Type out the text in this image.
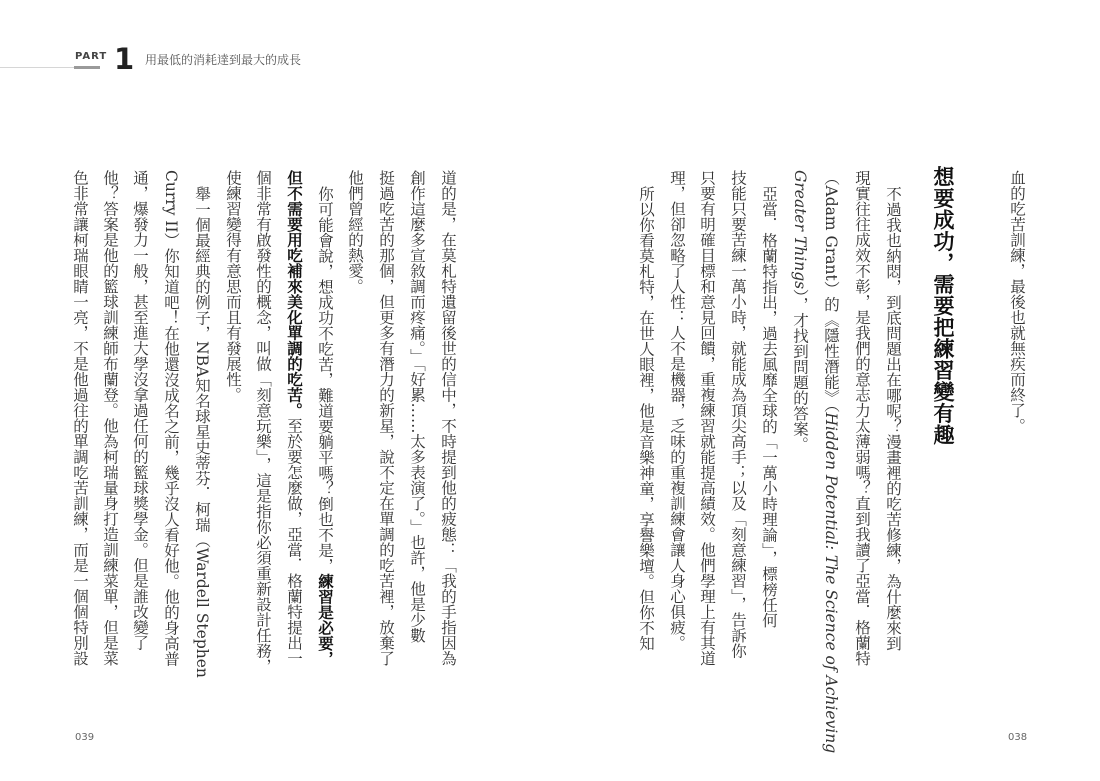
PART 1 用最低的消耗達到最大的成長
想要成功，需要把練習變有趣	血的吃苦訓練，最後也就無疾而終了。
不過我也納悶，到底問題出在哪呢？漫畫裡的吃苦修練，為什麼來到
現實往往成效不彰，是我們的意志力太薄弱嗎？直到我讀了亞當．格蘭特
（Adam Grant）的《隱性潛能》（Hidden Potential: The Science of Achieving
Greater Things），才找到問題的答案。
亞當．格蘭特指出，過去風靡全球的「一萬小時理論」，標榜任何
技能只要苦練一萬小時，就能成為頂尖高手；以及「刻意練習」，告訴你
只要有明確目標和意見回饋，重複練習就能提高績效。他們學理上有其道
理，但卻忽略了人性：人不是機器，乏味的重複訓練會讓人身心俱疲。
所以你看莫札特，在世人眼裡，他是音樂神童，享譽樂壇。但你不知
道的是，在莫札特遺留後世的信中，不時提到他的疲態：「我的手指因為
創作這麼多宣敘調而疼痛。」「好累……太多表演了。」也許，他是少數
挺過吃苦的那個，但更多有潛力的新星，說不定在單調的吃苦裡，放棄了
他們曾經的熱愛。
你可能會說，想成功不吃苦，難道要躺平嗎？倒也不是，練習是必要，
但不需要用吃補來美化單調的吃苦。至於要怎麼做，亞當．格蘭特提出一
個非常有啟發性的概念，叫做「刻意玩樂」，這是指你必須重新設計任務，
使練習變得有意思而且有發展性。
舉一個最經典的例子，NBA知名球星史蒂芬．柯瑞（Wardell Stephen
Curry II）你知道吧！在他還沒成名之前，幾乎沒人看好他。他的身高普
通，爆發力一般，甚至進大學沒拿過任何的籃球獎學金。但是誰改變了
他？答案是他的籃球訓練師布蘭登。他為柯瑞量身打造訓練菜單，但是菜
色非常讓柯瑞眼睛一亮，不是他過往的單調吃苦訓練，而是一個個特別設
039	038
